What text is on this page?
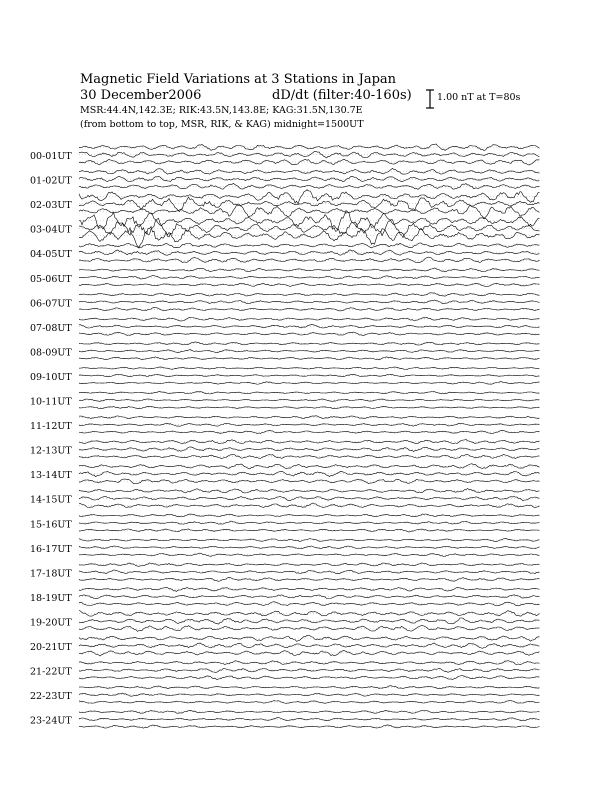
00-01UT
01-02UT
02-03UT
03-04UT
04-05UT
05-06UT
06-07UT
07-08UT
08-09UT
09-10UT
10-11UT
11-12UT
12-13UT
13-14UT
14-15UT
15-16UT
16-17UT
17-18UT
18-19UT
19-20UT
20-21UT
21-22UT
22-23UT
23-24UT
Magnetic Field Variations at 3 Stations in Japan
30 December2006	dD/dt (filter:40-160s)
MSR:44.4N,142.3E; RIK:43.5N,143.8E; KAG:31.5N,130.7E
(from bottom to top, MSR, RIK, & KAG) midnight=1500UT
1.00 nT at T=80s
